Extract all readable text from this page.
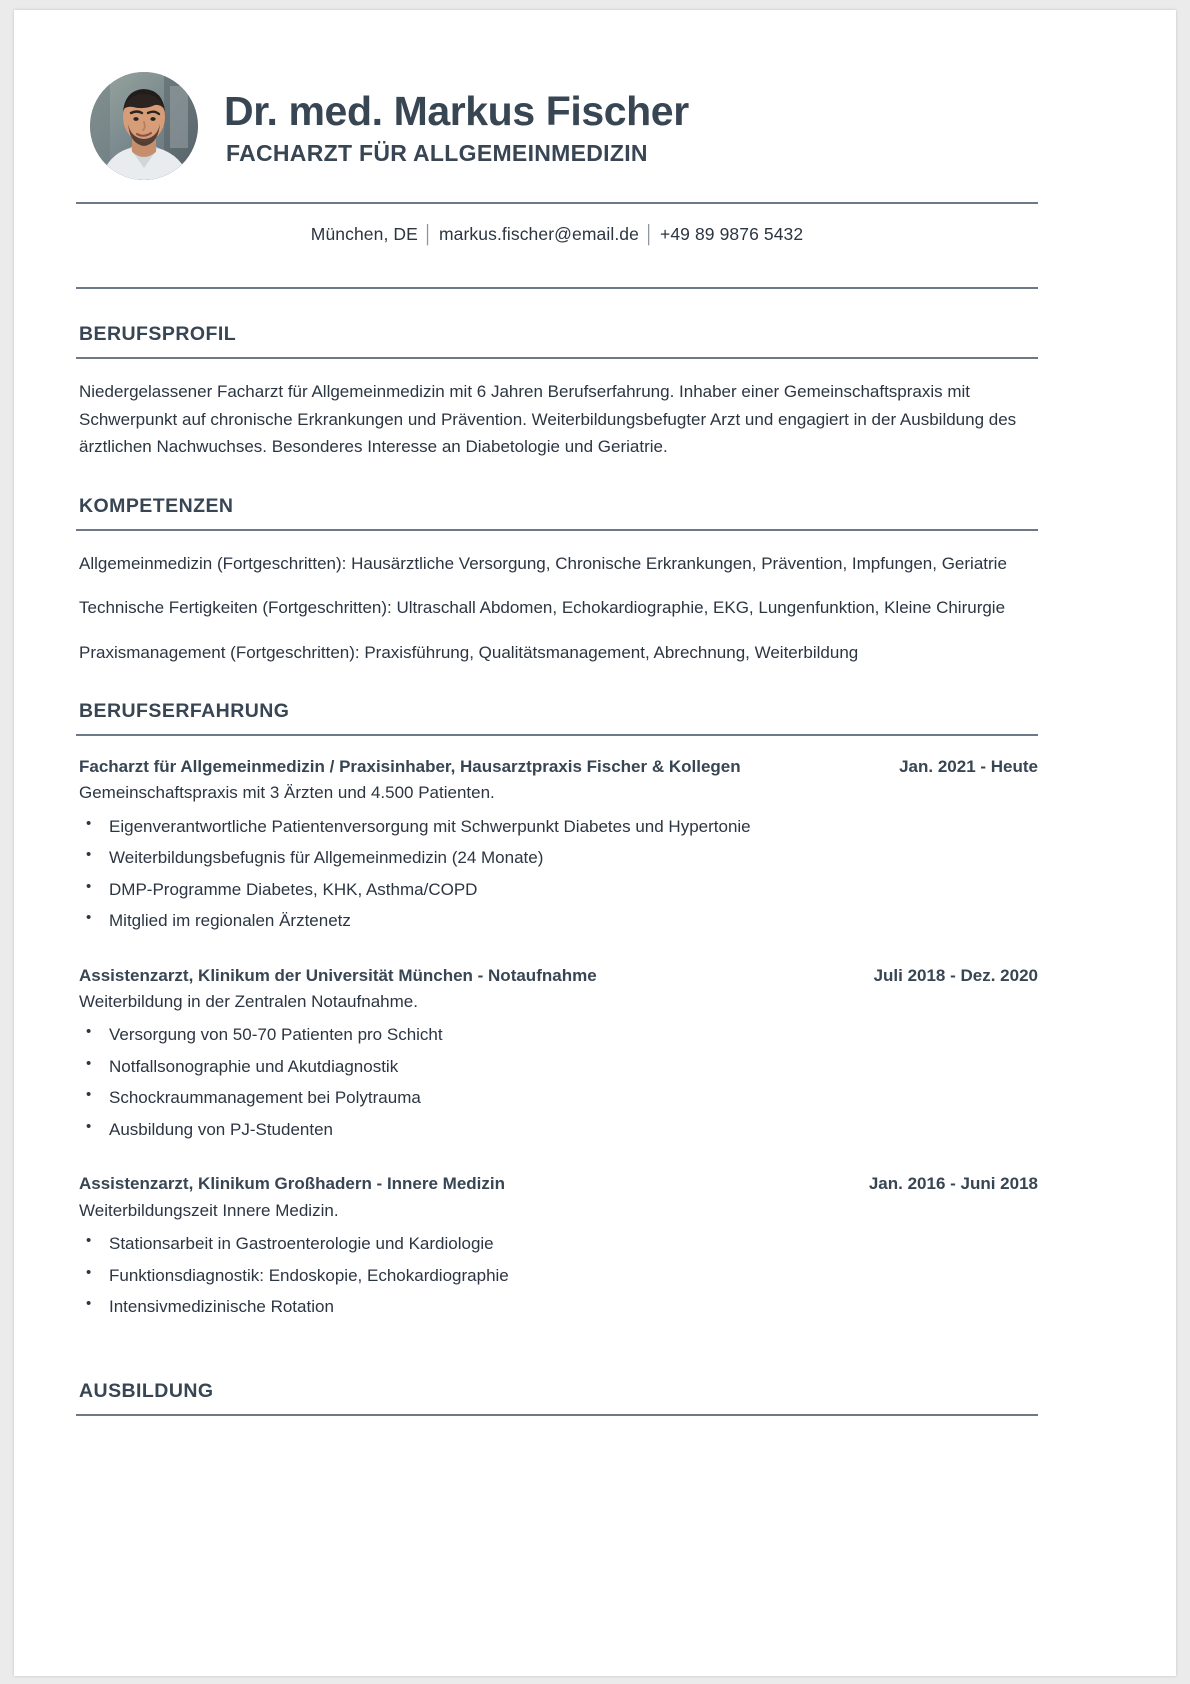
Dr. med. Markus Fischer
FACHARZT FÜR ALLGEMEINMEDIZIN
München, DE │ markus.fischer@email.de │ +49 89 9876 5432
BERUFSPROFIL

Niedergelassener Facharzt für Allgemeinmedizin mit 6 Jahren Berufserfahrung. Inhaber einer Gemeinschaftspraxis mit Schwerpunkt auf chronische Erkrankungen und Prävention. Weiterbildungsbefugter Arzt und engagiert in der Ausbildung des ärztlichen Nachwuchses. Besonderes Interesse an Diabetologie und Geriatrie.

KOMPETENZEN

Allgemeinmedizin (Fortgeschritten): Hausärztliche Versorgung, Chronische Erkrankungen, Prävention, Impfungen, Geriatrie

Technische Fertigkeiten (Fortgeschritten): Ultraschall Abdomen, Echokardiographie, EKG, Lungenfunktion, Kleine Chirurgie

Praxismanagement (Fortgeschritten): Praxisführung, Qualitätsmanagement, Abrechnung, Weiterbildung

BERUFSERFAHRUNG
Facharzt für Allgemeinmedizin / Praxisinhaber, Hausarztpraxis Fischer & Kollegen	Jan. 2021 - Heute
Gemeinschaftspraxis mit 3 Ärzten und 4.500 Patienten.
• Eigenverantwortliche Patientenversorgung mit Schwerpunkt Diabetes und Hypertonie
• Weiterbildungsbefugnis für Allgemeinmedizin (24 Monate)
• DMP-Programme Diabetes, KHK, Asthma/COPD
• Mitglied im regionalen Ärztenetz
Assistenzarzt, Klinikum der Universität München - Notaufnahme	Juli 2018 - Dez. 2020
Weiterbildung in der Zentralen Notaufnahme.
• Versorgung von 50-70 Patienten pro Schicht
• Notfallsonographie und Akutdiagnostik
• Schockraummanagement bei Polytrauma
• Ausbildung von PJ-Studenten
Assistenzarzt, Klinikum Großhadern - Innere Medizin	Jan. 2016 - Juni 2018
Weiterbildungszeit Innere Medizin.
• Stationsarbeit in Gastroenterologie und Kardiologie
• Funktionsdiagnostik: Endoskopie, Echokardiographie
• Intensivmedizinische Rotation
AUSBILDUNG
